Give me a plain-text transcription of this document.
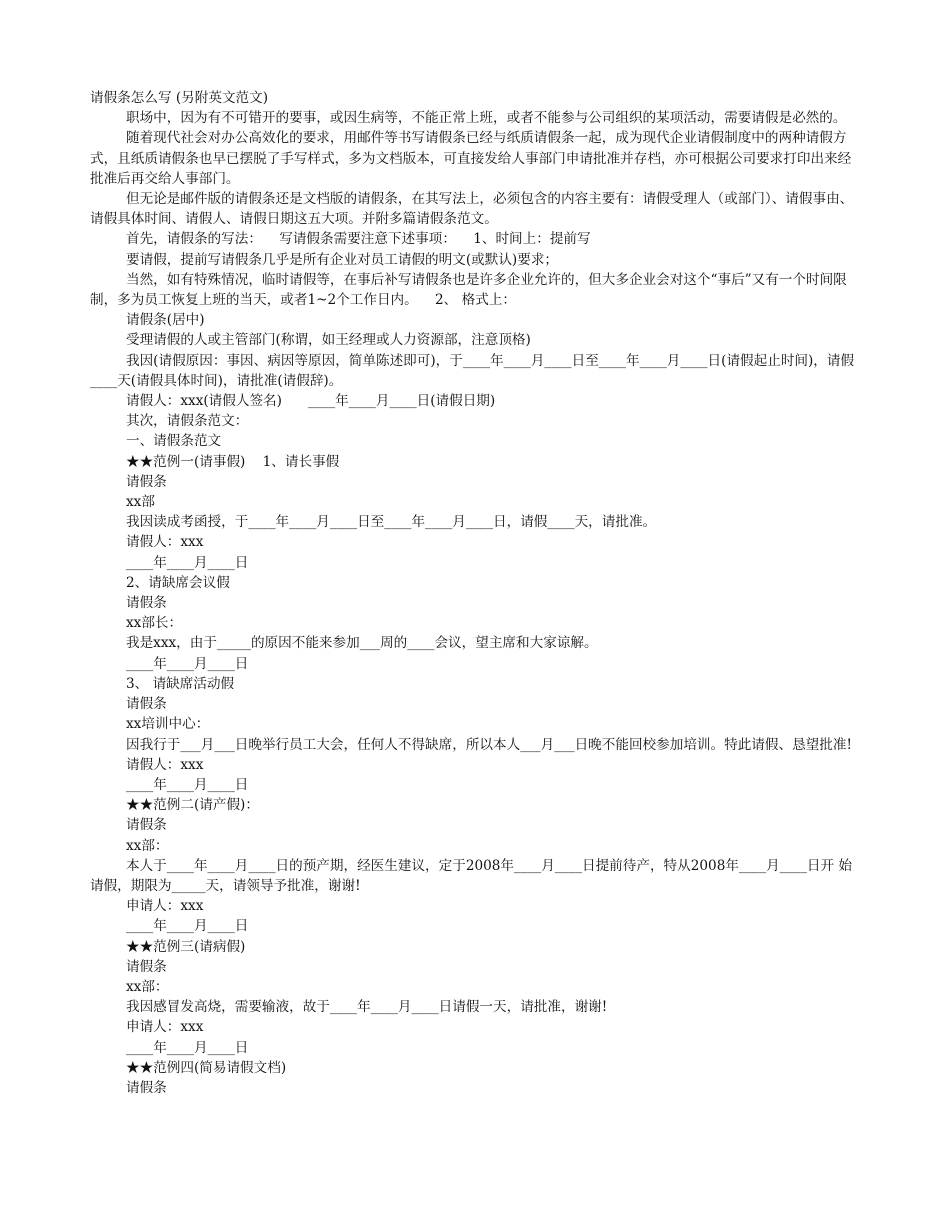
请假条怎么写 (另附英文范文)

职场中，因为有不可错开的要事，或因生病等，不能正常上班，或者不能参与公司组织的某项活动，需要请假是必然的。

随着现代社会对办公高效化的要求，用邮件等书写请假条已经与纸质请假条一起，成为现代企业请假制度中的两种请假方式，且纸质请假条也早已摆脱了手写样式，多为文档版本，可直接发给人事部门申请批准并存档，亦可根据公司要求打印出来经批准后再交给人事部门。

但无论是邮件版的请假条还是文档版的请假条，在其写法上，必须包含的内容主要有：请假受理人（或部门）、请假事由、请假具体时间、请假人、请假日期这五大项。并附多篇请假条范文。

首先，请假条的写法：    写请假条需要注意下述事项：    1、时间上：提前写

要请假，提前写请假条几乎是所有企业对员工请假的明文(或默认)要求；

当然，如有特殊情况，临时请假等，在事后补写请假条也是许多企业允许的，但大多企业会对这个“事后”又有一个时间限制，多为员工恢复上班的当天，或者1~2个工作日内。    2、 格式上：

请假条(居中)

受理请假的人或主管部门(称谓，如王经理或人力资源部，注意顶格)

我因(请假原因：事因、病因等原因，简单陈述即可)，于____年____月____日至____年____月____日(请假起止时间)，请假____天(请假具体时间)，请批准(请假辞)。

请假人：xxx(请假人签名)      ____年____月____日(请假日期)

其次，请假条范文：

一、请假条范文

★★范例一(请事假)    1、请长事假

请假条

xx部

我因读成考函授，于____年____月____日至____年____月____日，请假____天，请批准。

请假人：xxx

____年____月____日

2、请缺席会议假

请假条

xx部长：

我是xxx，由于_____的原因不能来参加___周的____会议，望主席和大家谅解。

____年____月____日

3、 请缺席活动假

请假条

xx培训中心：

因我行于___月___日晚举行员工大会，任何人不得缺席，所以本人___月___日晚不能回校参加培训。特此请假、恳望批准!

请假人：xxx

____年____月____日

★★范例二(请产假)：

请假条

xx部：

本人于____年____月____日的预产期，经医生建议，定于2008年____月____日提前待产，特从2008年____月____日开 始请假，期限为_____天，请领导予批准，谢谢!

申请人：xxx

____年____月____日

★★范例三(请病假)

请假条

xx部：

我因感冒发高烧，需要输液，故于____年____月____日请假一天，请批准，谢谢!

申请人：xxx

____年____月____日

★★范例四(简易请假文档)

请假条
